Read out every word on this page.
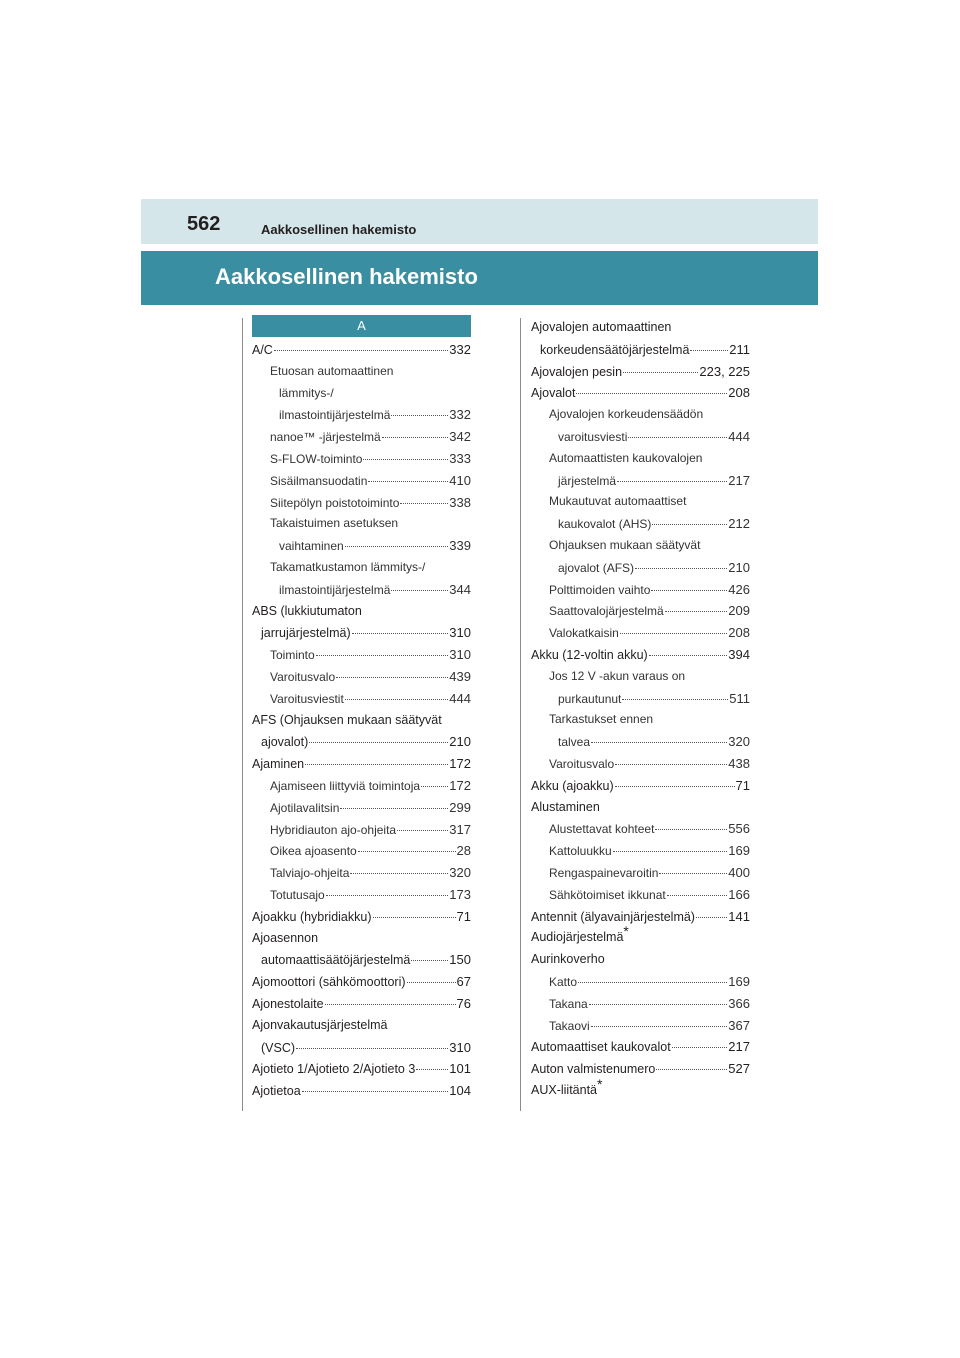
562	Aakkosellinen hakemisto
Aakkosellinen hakemisto
A
A/C	332
Etuosan automaattinen
lämmitys-/
ilmastointijärjestelmä	332
nanoe™ -järjestelmä	342
S-FLOW-toiminto	333
Sisäilmansuodatin	410
Siitepölyn poistotoiminto	338
Takaistuimen asetuksen
vaihtaminen	339
Takamatkustamon lämmitys-/
ilmastointijärjestelmä	344
ABS (lukkiutumaton
jarrujärjestelmä)	310
Toiminto	310
Varoitusvalo	439
Varoitusviestit	444
AFS (Ohjauksen mukaan säätyvät
ajovalot)	210
Ajaminen	172
Ajamiseen liittyviä toimintoja 172
Ajotilavalitsin	299
Hybridiauton ajo-ohjeita	317
Oikea ajoasento	28
Talviajo-ohjeita	320
Totutusajo	173
Ajoakku (hybridiakku)	71
Ajoasennon
automaattisäätöjärjestelmä	150
Ajomoottori (sähkömoottori)	67
Ajonestolaite	76
Ajonvakautusjärjestelmä
(VSC)	310
Ajotieto 1/Ajotieto 2/Ajotieto 3	101
Ajotietoa	104
Ajovalojen automaattinen
korkeudensäätöjärjestelmä	211
Ajovalojen pesin	223, 225
Ajovalot	208
Ajovalojen korkeudensäädön
varoitusviesti	444
Automaattisten kaukovalojen
järjestelmä	217
Mukautuvat automaattiset
kaukovalot (AHS)	212
Ohjauksen mukaan säätyvät
ajovalot (AFS)	210
Polttimoiden vaihto	426
Saattovalojärjestelmä	209
Valokatkaisin	208
Akku (12-voltin akku)	394
Jos 12 V -akun varaus on
purkautunut	511
Tarkastukset ennen
talvea	320
Varoitusvalo	438
Akku (ajoakku)	71
Alustaminen
Alustettavat kohteet	556
Kattoluukku	169
Rengaspainevaroitin	400
Sähkötoimiset ikkunat	166
Antennit (älyavainjärjestelmä)	141
Audiojärjestelmä*
Aurinkoverho
Katto	169
Takana	366
Takaovi	367
Automaattiset kaukovalot	217
Auton valmistenumero	527
AUX-liitäntä*
